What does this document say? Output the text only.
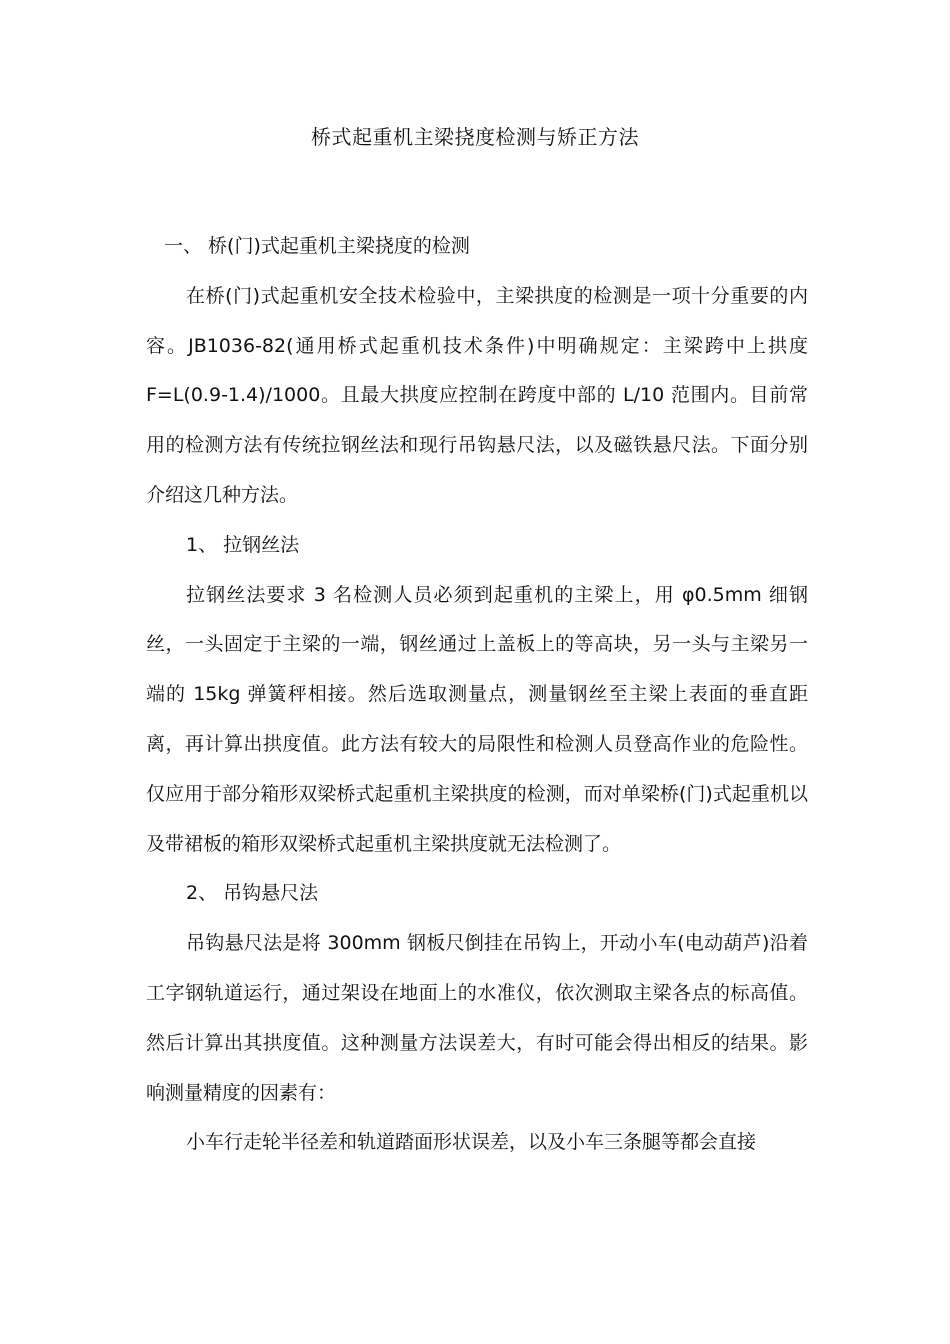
桥式起重机主梁挠度检测与矫正方法

一、 桥(门)式起重机主梁挠度的检测

在桥(门)式起重机安全技术检验中，主梁拱度的检测是一项十分重要的内容。JB1036-82(通用桥式起重机技术条件)中明确规定：主梁跨中上拱度 F=L(0.9-1.4)/1000。且最大拱度应控制在跨度中部的 L/10 范围内。目前常用的检测方法有传统拉钢丝法和现行吊钩悬尺法，以及磁铁悬尺法。下面分别介绍这几种方法。

1、 拉钢丝法

拉钢丝法要求 3 名检测人员必须到起重机的主梁上，用 φ0.5mm 细钢丝，一头固定于主梁的一端，钢丝通过上盖板上的等高块，另一头与主梁另一端的 15kg 弹簧秤相接。然后选取测量点，测量钢丝至主梁上表面的垂直距离，再计算出拱度值。此方法有较大的局限性和检测人员登高作业的危险性。仅应用于部分箱形双梁桥式起重机主梁拱度的检测，而对单梁桥(门)式起重机以及带裙板的箱形双梁桥式起重机主梁拱度就无法检测了。

2、 吊钩悬尺法

吊钩悬尺法是将 300mm 钢板尺倒挂在吊钩上，开动小车(电动葫芦)沿着工字钢轨道运行，通过架设在地面上的水准仪，依次测取主梁各点的标高值。然后计算出其拱度值。这种测量方法误差大，有时可能会得出相反的结果。影响测量精度的因素有：

小车行走轮半径差和轨道踏面形状误差，以及小车三条腿等都会直接
